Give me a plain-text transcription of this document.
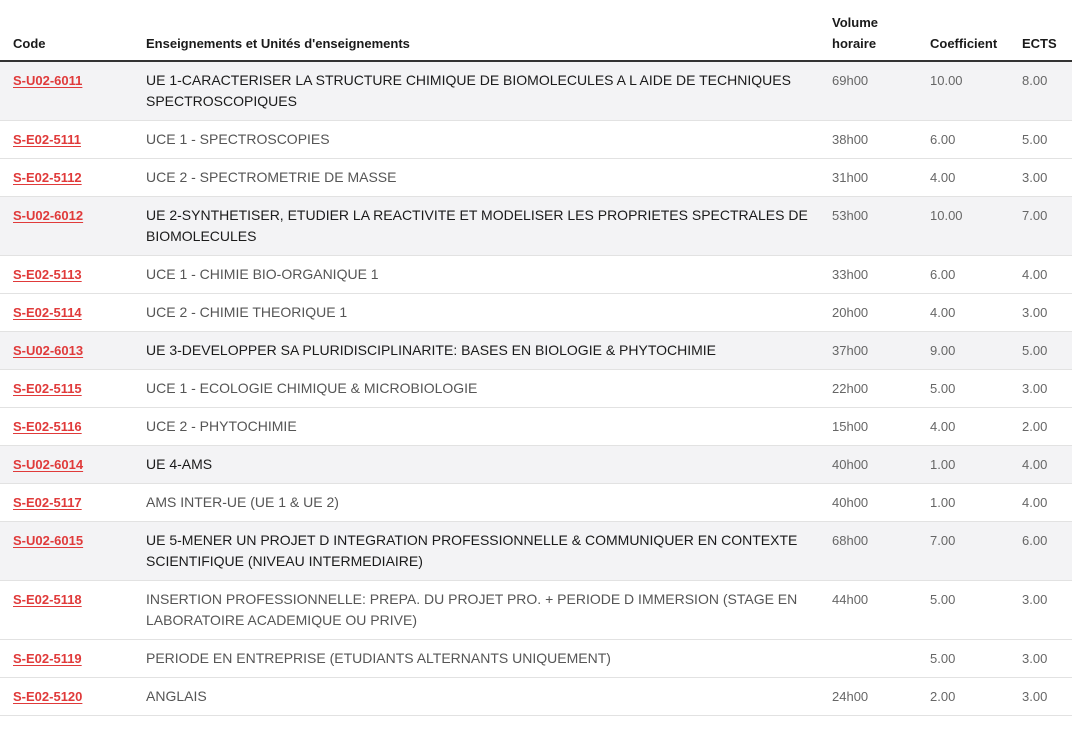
Code	Enseignements et Unités d'enseignements	Volume horaire	Coefficient	ECTS
S-U02-6011	UE 1-CARACTERISER LA STRUCTURE CHIMIQUE DE BIOMOLECULES A L AIDE DE TECHNIQUES SPECTROSCOPIQUES	69h00	10.00	8.00
S-E02-5111	UCE 1 - SPECTROSCOPIES	38h00	6.00	5.00
S-E02-5112	UCE 2 - SPECTROMETRIE DE MASSE	31h00	4.00	3.00
S-U02-6012	UE 2-SYNTHETISER, ETUDIER LA REACTIVITE ET MODELISER LES PROPRIETES SPECTRALES DE BIOMOLECULES	53h00	10.00	7.00
S-E02-5113	UCE 1 - CHIMIE BIO-ORGANIQUE 1	33h00	6.00	4.00
S-E02-5114	UCE 2 - CHIMIE THEORIQUE 1	20h00	4.00	3.00
S-U02-6013	UE 3-DEVELOPPER SA PLURIDISCIPLINARITE: BASES EN BIOLOGIE & PHYTOCHIMIE	37h00	9.00	5.00
S-E02-5115	UCE 1 - ECOLOGIE CHIMIQUE & MICROBIOLOGIE	22h00	5.00	3.00
S-E02-5116	UCE 2 - PHYTOCHIMIE	15h00	4.00	2.00
S-U02-6014	UE 4-AMS	40h00	1.00	4.00
S-E02-5117	AMS INTER-UE (UE 1 & UE 2)	40h00	1.00	4.00
S-U02-6015	UE 5-MENER UN PROJET D INTEGRATION PROFESSIONNELLE & COMMUNIQUER EN CONTEXTE SCIENTIFIQUE (NIVEAU INTERMEDIAIRE)	68h00	7.00	6.00
S-E02-5118	INSERTION PROFESSIONNELLE: PREPA. DU PROJET PRO. + PERIODE D IMMERSION (STAGE EN LABORATOIRE ACADEMIQUE OU PRIVE)	44h00	5.00	3.00
S-E02-5119	PERIODE EN ENTREPRISE (ETUDIANTS ALTERNANTS UNIQUEMENT)		5.00	3.00
S-E02-5120	ANGLAIS	24h00	2.00	3.00
